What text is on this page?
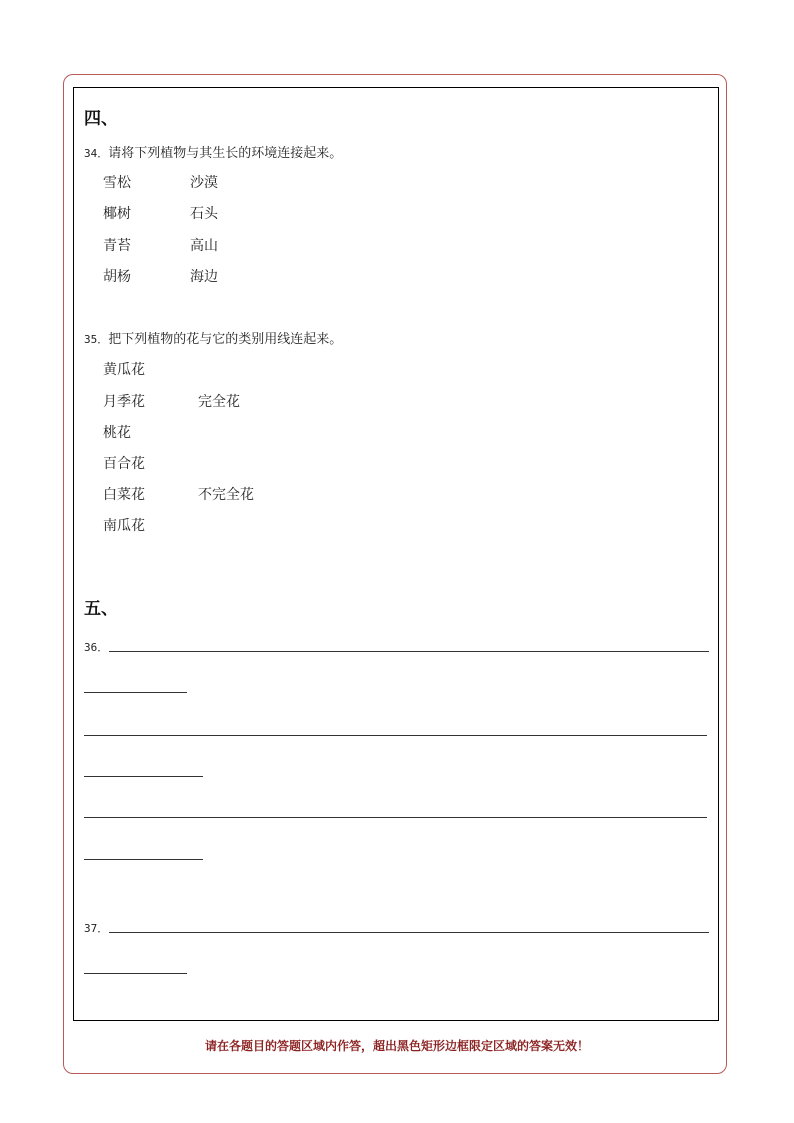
四、
34．请将下列植物与其生长的环境连接起来。
雪松
椰树
青苔
胡杨
沙漠
石头
高山
海边
35．把下列植物的花与它的类别用线连起来。
黄瓜花
月季花
桃花
百合花
白菜花
南瓜花
完全花
不完全花
五、
36．
37．
请在各题目的答题区域内作答，超出黑色矩形边框限定区域的答案无效！
